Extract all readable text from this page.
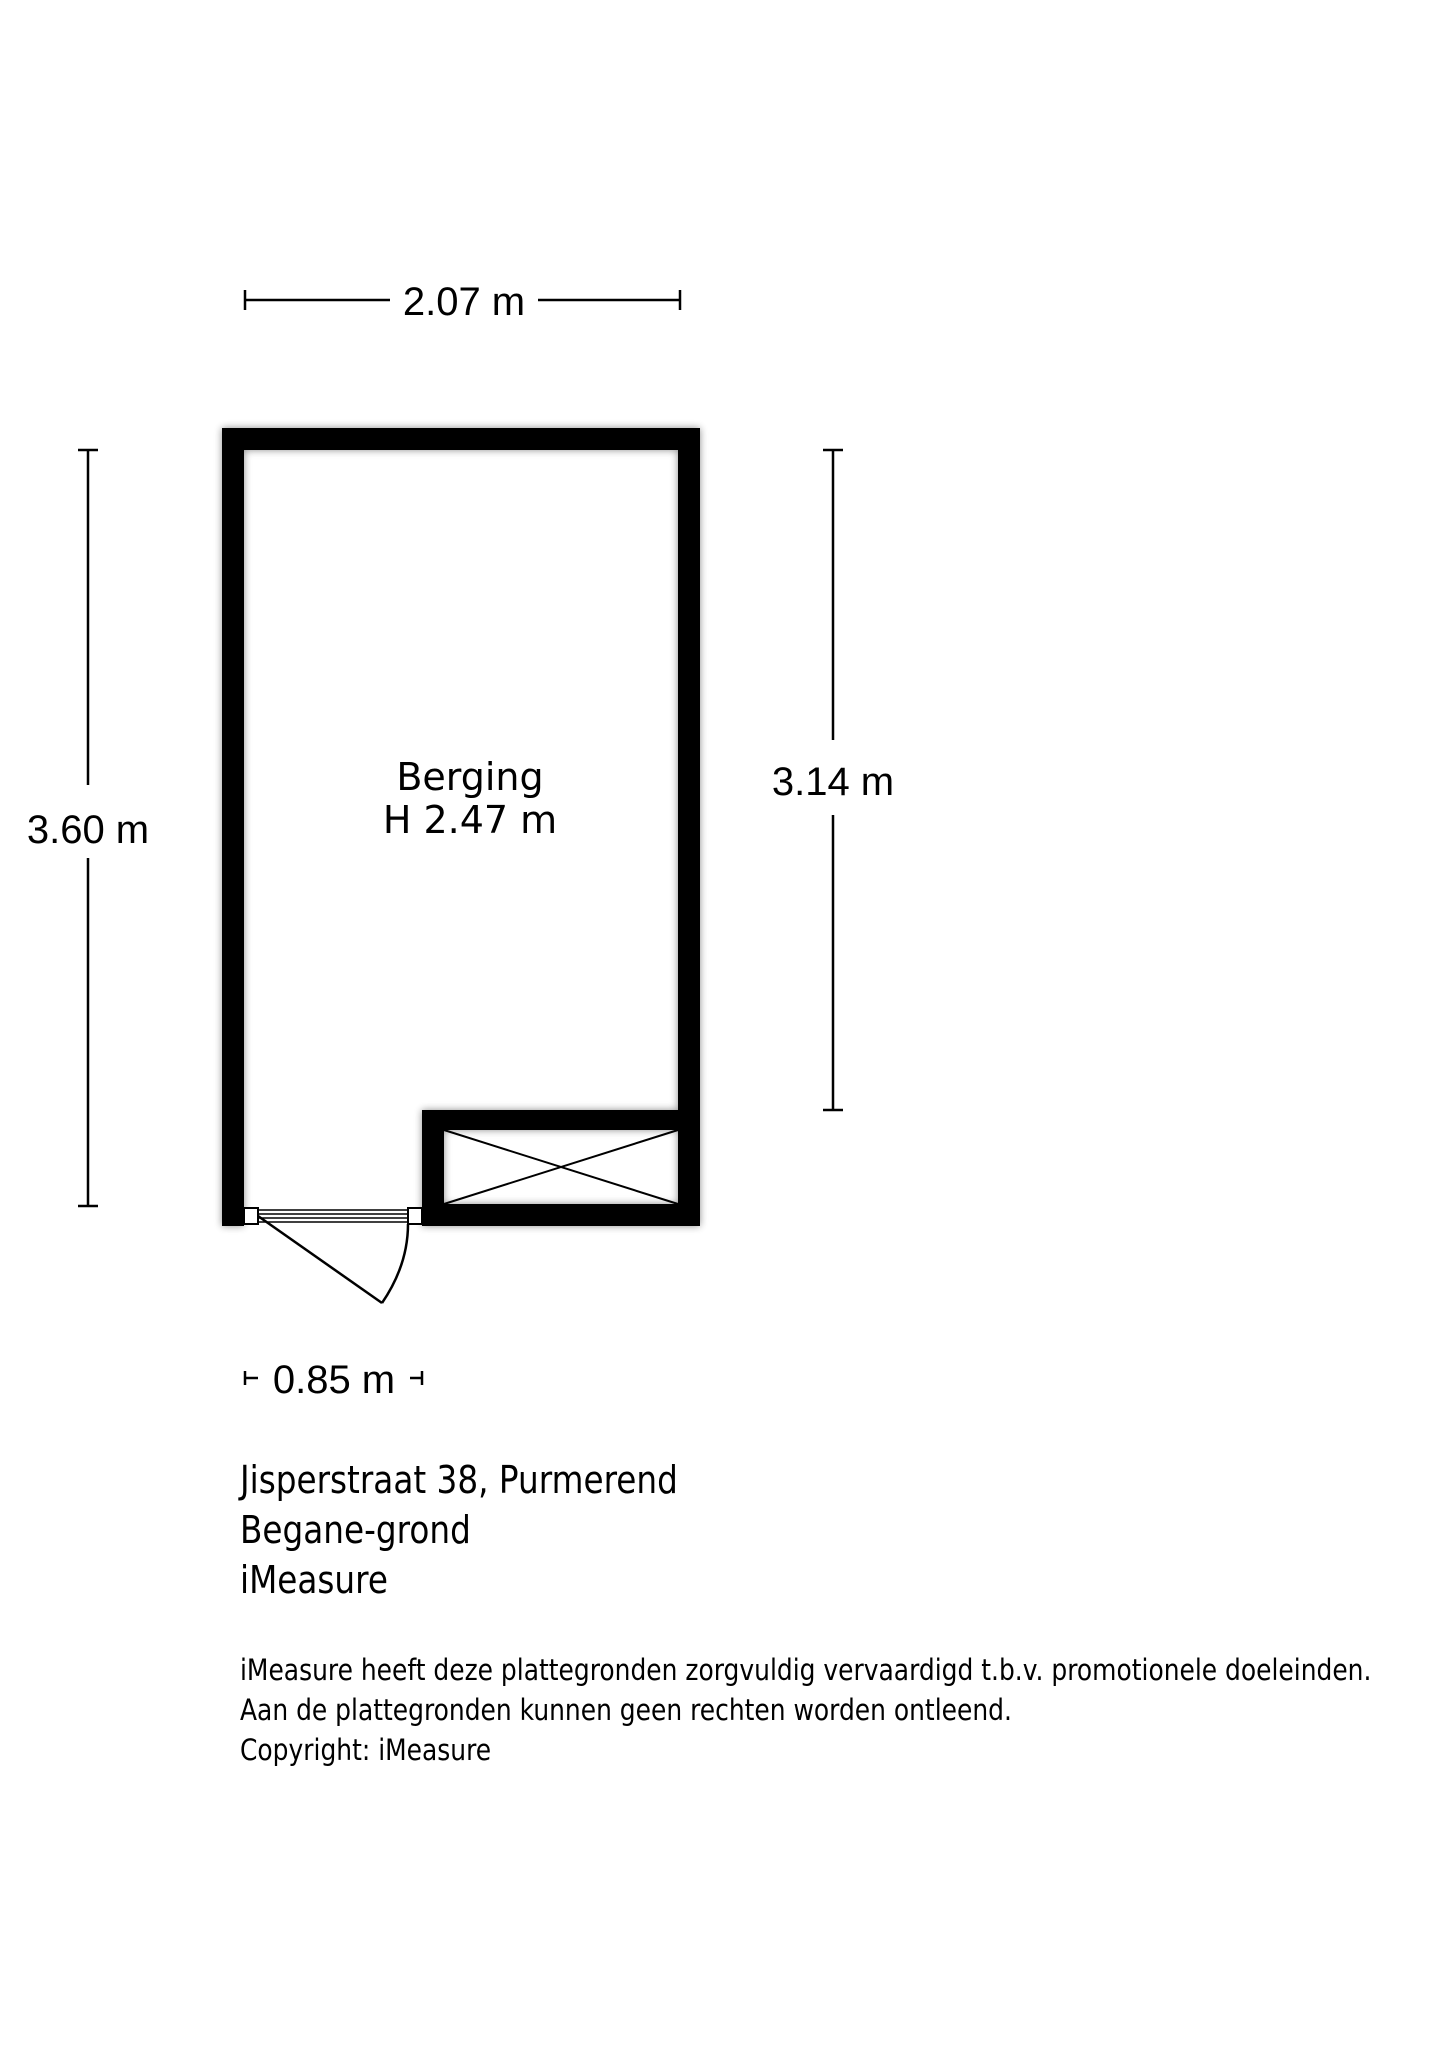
2.07 m
3.60 m
3.14 m
0.85 m
Berging
H 2.47 m
Jisperstraat 38, Purmerend
Begane-grond
iMeasure
iMeasure heeft deze plattegronden zorgvuldig vervaardigd t.b.v. promotionele doeleinden.
Aan de plattegronden kunnen geen rechten worden ontleend.
Copyright: iMeasure
